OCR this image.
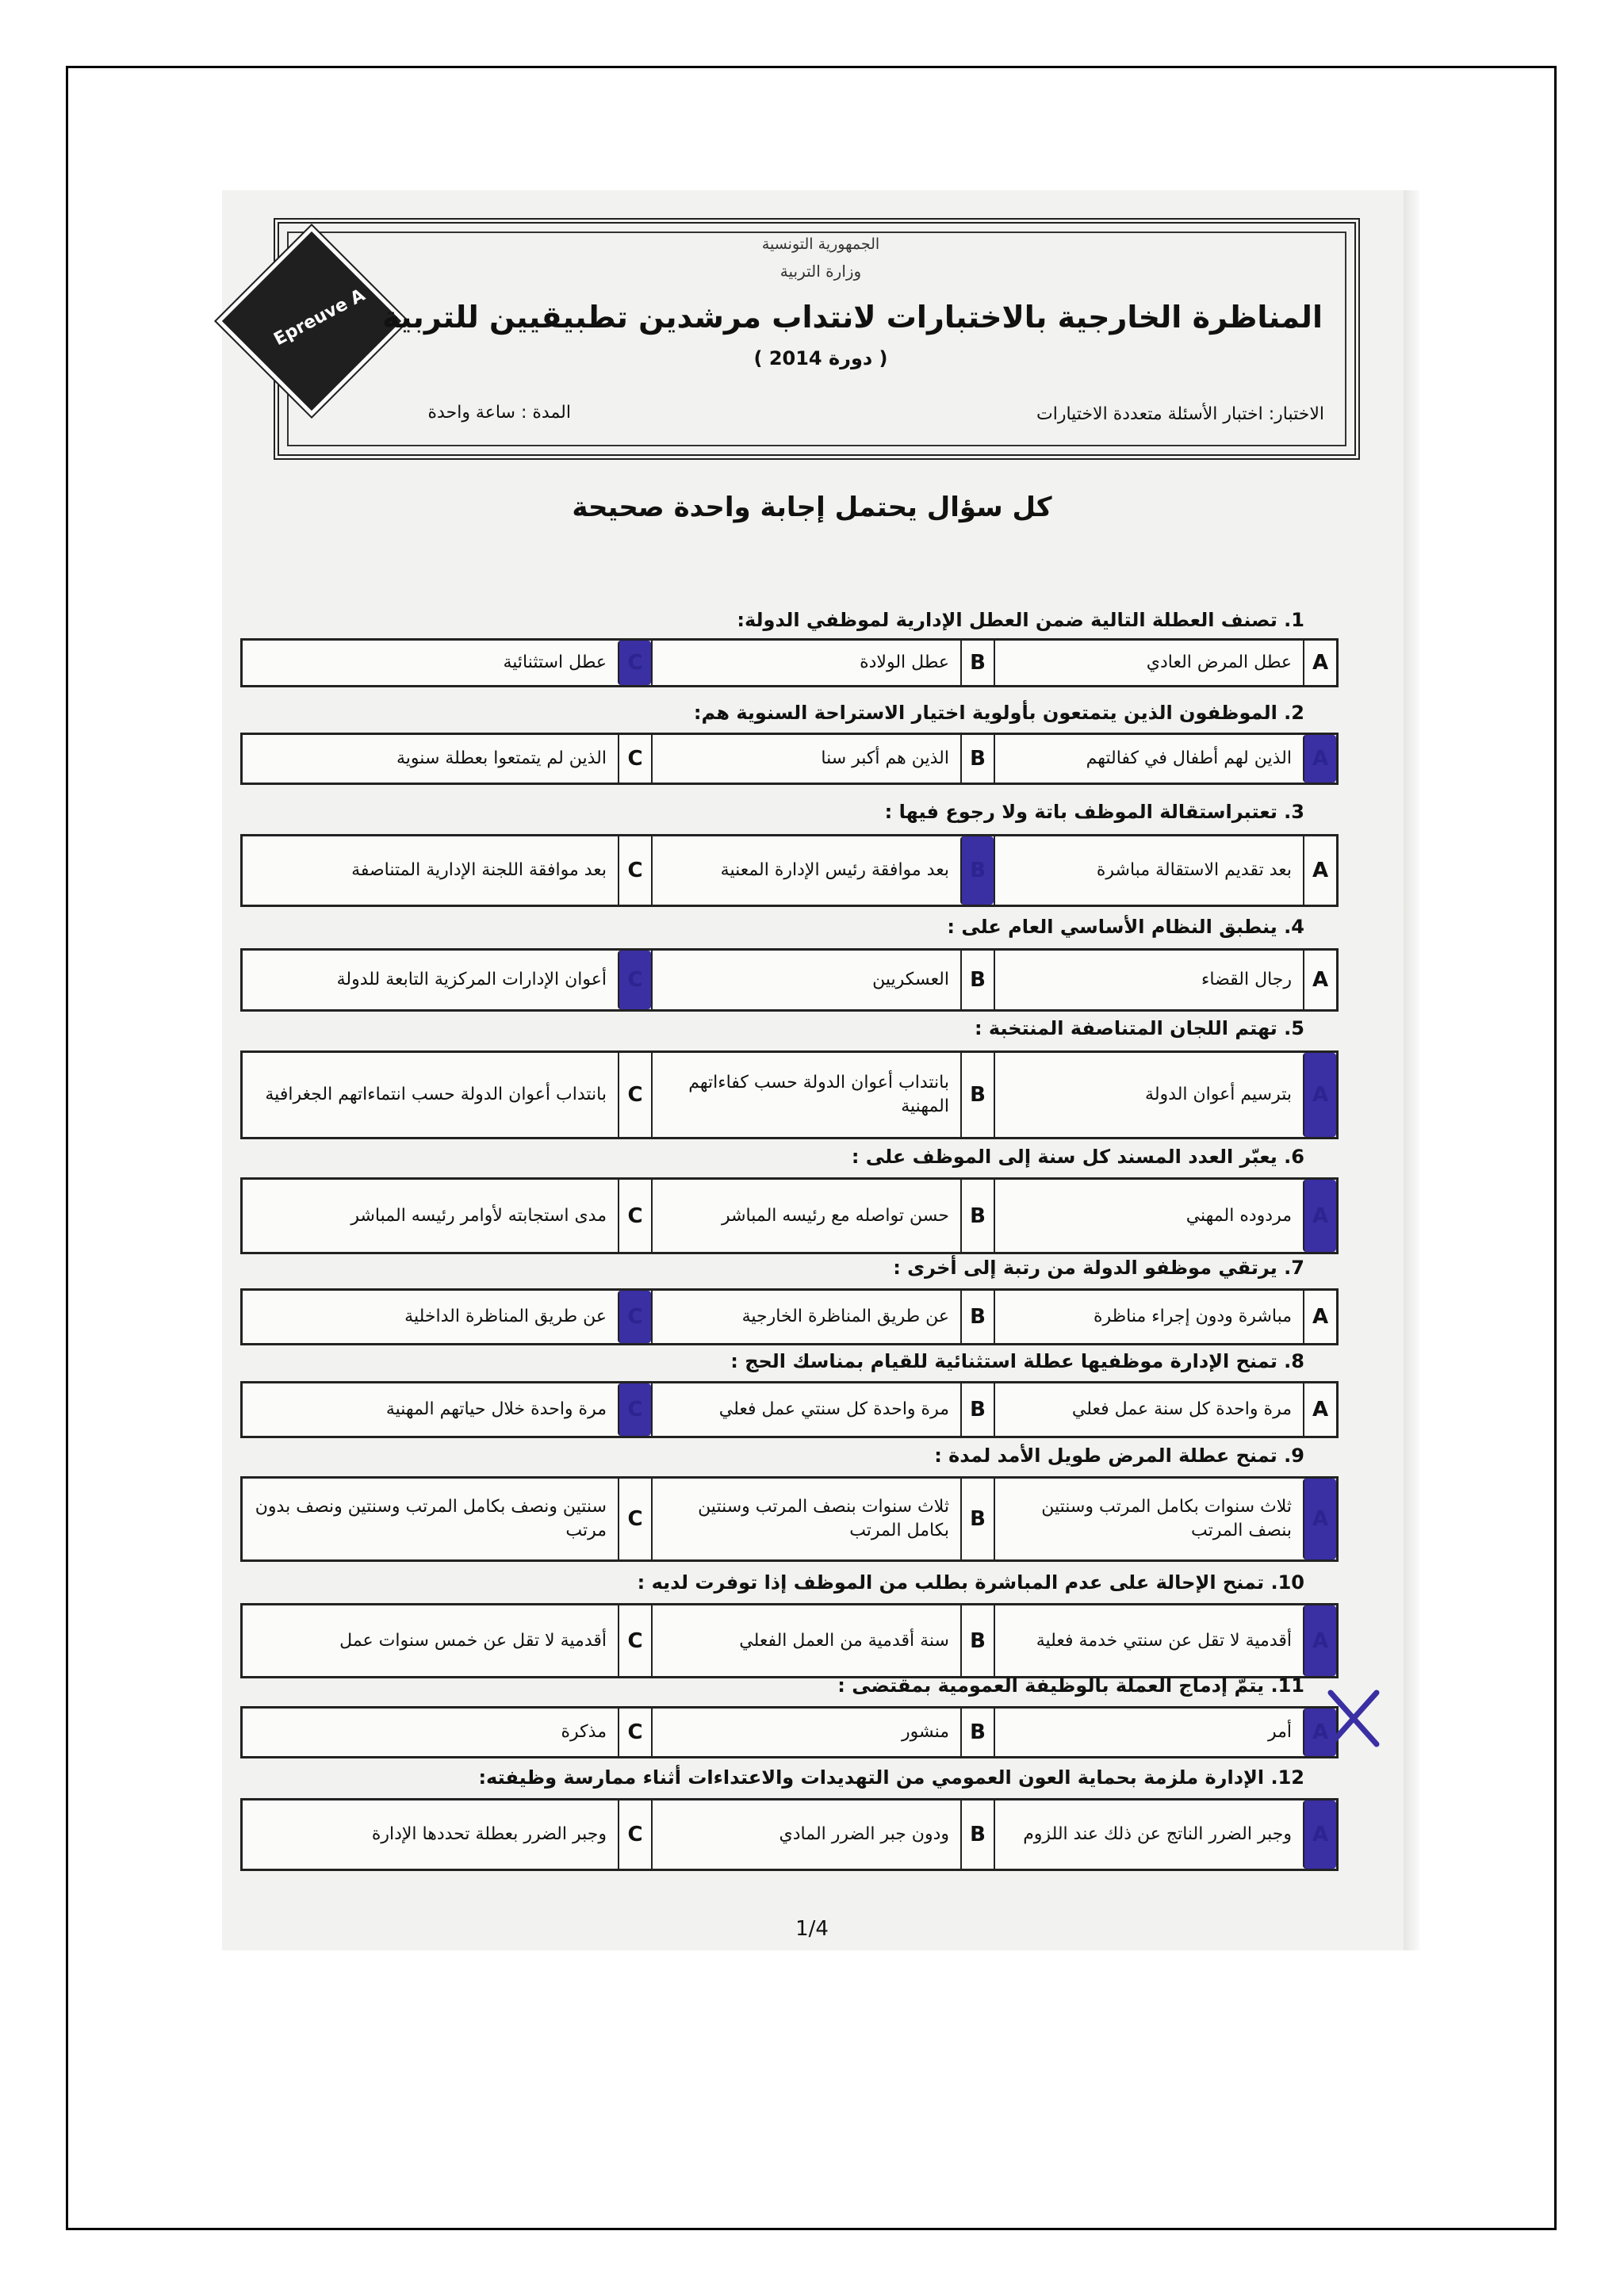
Epreuve A
الجمهورية التونسية
وزارة التربية
المناظرة الخارجية بالاختبارات لانتداب مرشدين تطبيقيين للتربية
( دورة 2014 )
الاختبار: اختبار الأسئلة متعددة الاختيارات
المدة : ساعة واحدة
كل سؤال يحتمل إجابة واحدة صحيحة
1. تصنف العطلة التالية ضمن العطل الإدارية لموظفي الدولة:
A
عطل المرض العادي
B
عطل الولادة
C
عطل استثنائية
2. الموظفون الذين يتمتعون بأولوية اختيار الاستراحة السنوية هم:
A
الذين لهم أطفال في كفالتهم
B
الذين هم أكبر سنا
C
الذين لم يتمتعوا بعطلة سنوية
3. تعتبراستقالة الموظف باتة ولا رجوع فيها :
A
بعد تقديم الاستقالة مباشرة
B
بعد موافقة رئيس الإدارة المعنية
C
بعد موافقة اللجنة الإدارية المتناصفة
4. ينطبق النظام الأساسي العام على :
A
رجال القضاء
B
العسكريين
C
أعوان الإدارات المركزية التابعة للدولة
5. تهتم اللجان المتناصفة المنتخبة :
A
بترسيم أعوان الدولة
B
بانتداب أعوان الدولة حسب كفاءاتهم المهنية
C
بانتداب أعوان الدولة حسب انتماءاتهم الجغرافية
6. يعبّر العدد المسند كل سنة إلى الموظف على :
A
مردوده المهني
B
حسن تواصله مع رئيسه المباشر
C
مدى استجابته لأوامر رئيسه المباشر
7. يرتقي موظفو الدولة من رتبة إلى أخرى :
A
مباشرة ودون إجراء مناظرة
B
عن طريق المناظرة الخارجية
C
عن طريق المناظرة الداخلية
8. تمنح الإدارة موظفيها عطلة استثنائية للقيام بمناسك الحج :
A
مرة واحدة كل سنة عمل فعلي
B
مرة واحدة كل سنتي عمل فعلي
C
مرة واحدة خلال حياتهم المهنية
9. تمنح عطلة المرض طويل الأمد لمدة :
A
ثلاث سنوات بكامل المرتب وسنتين بنصف المرتب
B
ثلاث سنوات بنصف المرتب وسنتين بكامل المرتب
C
سنتين ونصف بكامل المرتب وسنتين ونصف بدون مرتب
10. تمنح الإحالة على عدم المباشرة بطلب من الموظف إذا توفرت لديه :
A
أقدمية لا تقل عن سنتي خدمة فعلية
B
سنة أقدمية من العمل الفعلي
C
أقدمية لا تقل عن خمس سنوات عمل
11. يتمّ إدماج العملة بالوظيفة العمومية بمقتضى :
A
أمر
B
منشور
C
مذكرة
12. الإدارة ملزمة بحماية العون العمومي من التهديدات والاعتداءات أثناء ممارسة وظيفته:
A
وجبر الضرر الناتج عن ذلك عند اللزوم
B
ودون جبر الضرر المادي
C
وجبر الضرر بعطلة تحددها الإدارة
1/4
